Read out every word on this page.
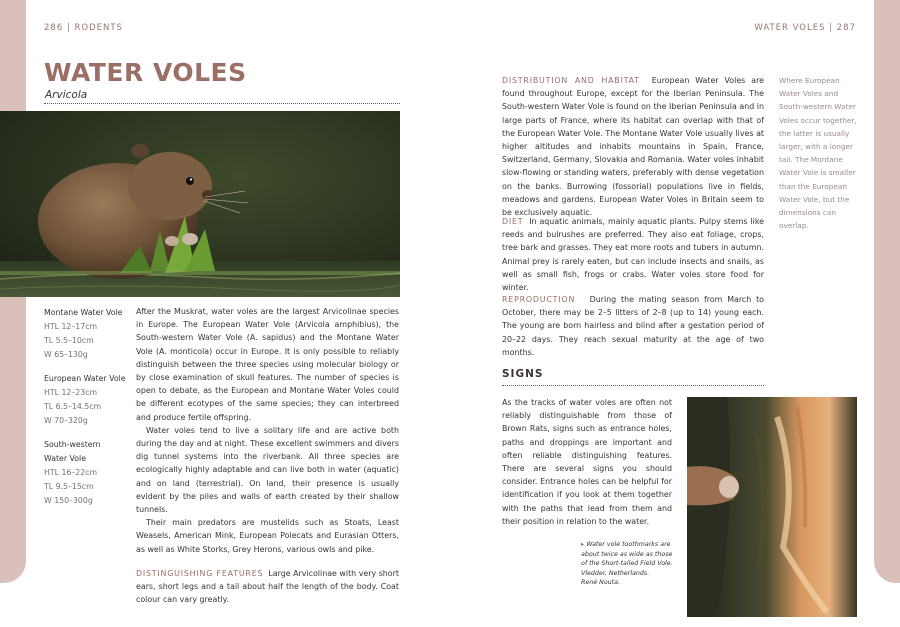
286 | RODENTS	WATER VOLES | 287
WATER VOLES
Arvicola
Montane Water Vole
HTL 12–17cm
TL 5.5–10cm
W 65–130g
European Water Vole
HTL 12–23cm
TL 6.5–14.5cm
W 70–320g
South-western
Water Vole
HTL 16–22cm
TL 9.5–15cm
W 150–300g

After the Muskrat, water voles are the largest Arvicolinae species in Europe. The European Water Vole (Arvicola amphibius), the South-western Water Vole (A. sapidus) and the Montane Water Vole (A. monticola) occur in Europe. It is only possible to reliably distinguish between the three species using molecular biology or by close examination of skull features. The number of species is open to debate, as the European and Montane Water Voles could be different ecotypes of the same species; they can interbreed and produce fertile offspring.

Water voles tend to live a solitary life and are active both during the day and at night. These excellent swimmers and divers dig tunnel systems into the riverbank. All three species are ecologically highly adaptable and can live both in water (aquatic) and on land (terrestrial). On land, their presence is usually evident by the piles and walls of earth created by their shallow tunnels.

Their main predators are mustelids such as Stoats, Least Weasels, American Mink, European Polecats and Eurasian Otters, as well as White Storks, Grey Herons, various owls and pike.

DISTINGUISHING FEATURES Large Arvicolinae with very short ears, short legs and a tail about half the length of the body. Coat colour can vary greatly.

DISTRIBUTION AND HABITAT European Water Voles are found throughout Europe, except for the Iberian Peninsula. The South-western Water Vole is found on the Iberian Peninsula and in large parts of France, where its habitat can overlap with that of the European Water Vole. The Montane Water Vole usually lives at higher altitudes and inhabits mountains in Spain, France, Switzerland, Germany, Slovakia and Romania. Water voles inhabit slow-flowing or standing waters, preferably with dense vegetation on the banks. Burrowing (fossorial) populations live in fields, meadows and gardens. European Water Voles in Britain seem to be exclusively aquatic.

DIET In aquatic animals, mainly aquatic plants. Pulpy stems like reeds and bulrushes are preferred. They also eat foliage, crops, tree bark and grasses. They eat more roots and tubers in autumn. Animal prey is rarely eaten, but can include insects and snails, as well as small fish, frogs or crabs. Water voles store food for winter.

REPRODUCTION During the mating season from March to October, there may be 2–5 litters of 2–8 (up to 14) young each. The young are born hairless and blind after a gestation period of 20–22 days. They reach sexual maturity at the age of two months.

Where European Water Voles and South-western Water Voles occur together, the latter is usually larger, with a longer tail. The Montane Water Vole is smaller than the European Water Vole, but the dimensions can overlap.
SIGNS

As the tracks of water voles are often not reliably distinguishable from those of Brown Rats, signs such as entrance holes, paths and droppings are important and often reliable distinguishing features. There are several signs you should consider. Entrance holes can be helpful for identification if you look at them together with the paths that lead from them and their position in relation to the water.

▸ Water vole toothmarks are
about twice as wide as those
of the Short-tailed Field Vole.
Vledder, Netherlands.
René Nouta.
